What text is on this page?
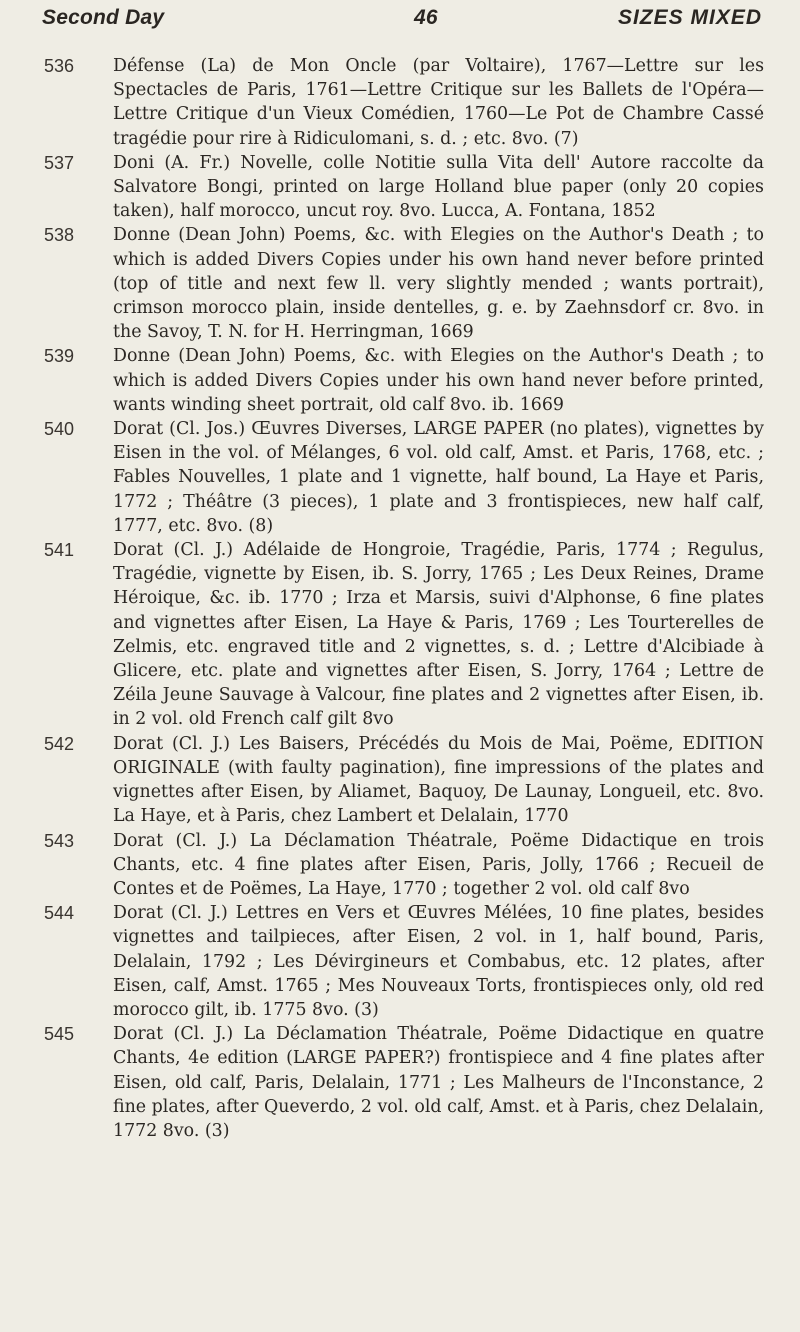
Second Day	46	SIZES MIXED
536 Défense (La) de Mon Oncle (par Voltaire), 1767—Lettre sur les Spectacles de Paris, 1761—Lettre Critique sur les Ballets de l'Opéra—Lettre Critique d'un Vieux Comédien, 1760—Le Pot de Chambre Cassé tragédie pour rire à Ridiculomani, s. d. ; etc. 8vo. (7)
537 Doni (A. Fr.) Novelle, colle Notitie sulla Vita dell' Autore raccolte da Salvatore Bongi, printed on large Holland blue paper (only 20 copies taken), half morocco, uncut roy. 8vo. Lucca, A. Fontana, 1852
538 Donne (Dean John) Poems, &c. with Elegies on the Author's Death ; to which is added Divers Copies under his own hand never before printed (top of title and next few ll. very slightly mended ; wants portrait), crimson morocco plain, inside dentelles, g. e. by Zaehnsdorf cr. 8vo. in the Savoy, T. N. for H. Herringman, 1669
539 Donne (Dean John) Poems, &c. with Elegies on the Author's Death ; to which is added Divers Copies under his own hand never before printed, wants winding sheet portrait, old calf 8vo. ib. 1669
540 Dorat (Cl. Jos.) Œuvres Diverses, LARGE PAPER (no plates), vignettes by Eisen in the vol. of Mélanges, 6 vol. old calf, Amst. et Paris, 1768, etc. ; Fables Nouvelles, 1 plate and 1 vignette, half bound, La Haye et Paris, 1772 ; Théâtre (3 pieces), 1 plate and 3 frontispieces, new half calf, 1777, etc. 8vo. (8)
541 Dorat (Cl. J.) Adélaide de Hongroie, Tragédie, Paris, 1774 ; Regulus, Tragédie, vignette by Eisen, ib. S. Jorry, 1765 ; Les Deux Reines, Drame Héroique, &c. ib. 1770 ; Irza et Marsis, suivi d'Alphonse, 6 fine plates and vignettes after Eisen, La Haye & Paris, 1769 ; Les Tourterelles de Zelmis, etc. engraved title and 2 vignettes, s. d. ; Lettre d'Alcibiade à Glicere, etc. plate and vignettes after Eisen, S. Jorry, 1764 ; Lettre de Zéila Jeune Sauvage à Valcour, fine plates and 2 vignettes after Eisen, ib. in 2 vol. old French calf gilt 8vo
542 Dorat (Cl. J.) Les Baisers, Précédés du Mois de Mai, Poëme, EDITION ORIGINALE (with faulty pagination), fine impressions of the plates and vignettes after Eisen, by Aliamet, Baquoy, De Launay, Longueil, etc. 8vo. La Haye, et à Paris, chez Lambert et Delalain, 1770
543 Dorat (Cl. J.) La Déclamation Théatrale, Poëme Didactique en trois Chants, etc. 4 fine plates after Eisen, Paris, Jolly, 1766 ; Recueil de Contes et de Poëmes, La Haye, 1770 ; together 2 vol. old calf 8vo
544 Dorat (Cl. J.) Lettres en Vers et Œuvres Mélées, 10 fine plates, besides vignettes and tailpieces, after Eisen, 2 vol. in 1, half bound, Paris, Delalain, 1792 ; Les Dévirgineurs et Combabus, etc. 12 plates, after Eisen, calf, Amst. 1765 ; Mes Nouveaux Torts, frontispieces only, old red morocco gilt, ib. 1775 8vo. (3)
545 Dorat (Cl. J.) La Déclamation Théatrale, Poëme Didactique en quatre Chants, 4e edition (LARGE PAPER?) frontispiece and 4 fine plates after Eisen, old calf, Paris, Delalain, 1771 ; Les Malheurs de l'Inconstance, 2 fine plates, after Queverdo, 2 vol. old calf, Amst. et à Paris, chez Delalain, 1772 8vo. (3)
